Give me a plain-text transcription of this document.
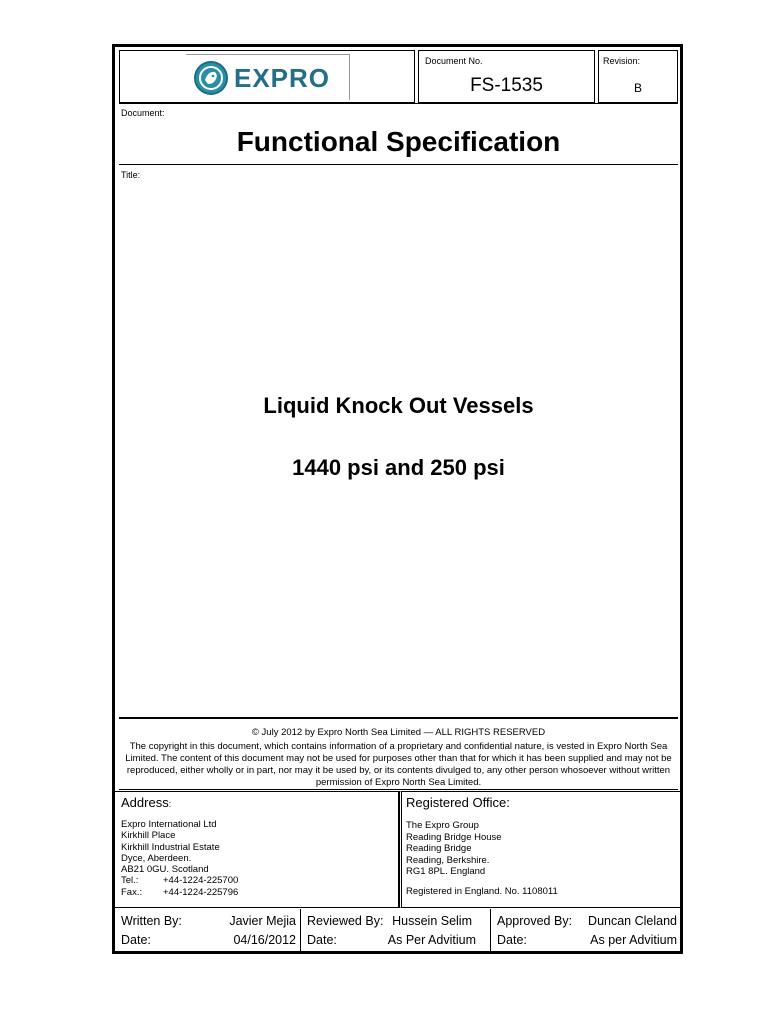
EXPRO
Document No.
FS-1535
Revision:
B
Document:
Functional Specification
Title:
Liquid Knock Out Vessels
1440 psi and 250 psi
© July 2012 by Expro North Sea Limited — ALL RIGHTS RESERVED
The copyright in this document, which contains information of a proprietary and confidential nature, is vested in Expro North Sea Limited. The content of this document may not be used for purposes other than that for which it has been supplied and may not be reproduced, either wholly or in part, nor may it be used by, or its contents divulged to, any other person whosoever without written permission of Expro North Sea Limited.
Address:
Expro International Ltd
Kirkhill Place
Kirkhill Industrial Estate
Dyce, Aberdeen.
AB21 0GU. Scotland
Tel.:	+44-1224-225700
Fax.: +44-1224-225796
Registered Office:
The Expro Group
Reading Bridge House
Reading Bridge
Reading, Berkshire.
RG1 8PL. England
Registered in England. No. 1108011
Written By:	Javier Mejia
Date:	04/16/2012
Reviewed By: Hussein Selim
Date:	As Per Advitium
Approved By: Duncan Cleland
Date:	As per Advitium
